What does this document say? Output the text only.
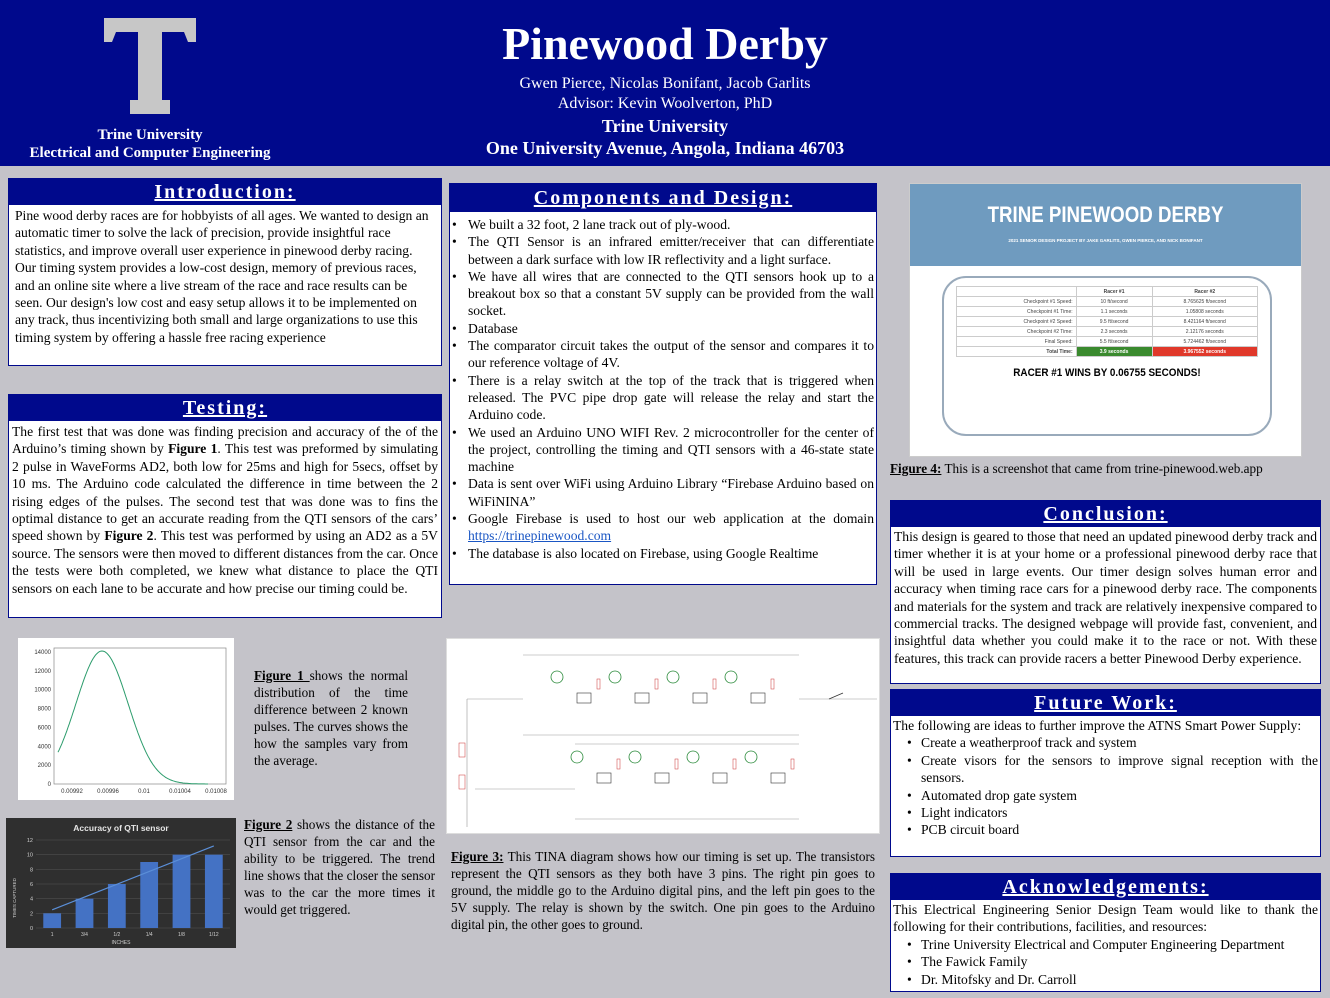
Trine University
Electrical and Computer Engineering
Pinewood Derby
Gwen Pierce, Nicolas Bonifant, Jacob Garlits
Advisor: Kevin Woolverton, PhD
Trine University
One University Avenue, Angola, Indiana 46703
Introduction:
Pine wood derby races are for hobbyists of all ages. We wanted to design an automatic timer to solve the lack of precision, provide insightful race statistics, and improve overall user experience in pinewood derby racing. Our timing system provides a low-cost design, memory of previous races, and an online site where a live stream of the race and race results can be seen. Our design's low cost and easy setup allows it to be implemented on any track, thus incentivizing both small and large organizations to use this timing system by offering a hassle free racing experience
Testing:
The first test that was done was finding precision and accuracy of the of the Arduino’s timing shown by Figure 1. This test was preformed by simulating 2 pulse in WaveForms AD2, both low for 25ms and high for 5secs, offset by 10 ms. The Arduino code calculated the difference in time between the 2 rising edges of the pulses. The second test that was done was to fins the optimal distance to get an accurate reading from the QTI sensors of the cars’ speed shown by Figure 2. This test was performed by using an AD2 as a 5V source. The sensors were then moved to different distances from the car. Once the tests were both completed, we knew what distance to place the QTI sensors on each lane to be accurate and how precise our timing could be.
0
2000
4000
6000
8000
10000
12000
14000
0.00992 0.00996	0.01	0.01004 0.01008
Figure 1 shows the normal distribution of the time difference between 2 known pulses. The curves shows the how the samples vary from the average.
Accuracy of QTI sensor
0
2
4
6
8
10
12
1	3/4	1/2	1/4	1/8	1/12
INCHES
TIMES CAPTURED
Figure 2 shows the distance of the QTI sensor from the car and the ability to be triggered. The trend line shows that the closer the sensor was to the car the more times it would get triggered.
Components and Design:
• We built a 32 foot, 2 lane track out of ply-wood.
• The QTI Sensor is an infrared emitter/receiver that can differentiate between a dark surface with low IR reflectivity and a light surface.
• We have all wires that are connected to the QTI sensors hook up to a breakout box so that a constant 5V supply can be provided from the wall socket.
• Database
• The comparator circuit takes the output of the sensor and compares it to our reference voltage of 4V.
• There is a relay switch at the top of the track that is triggered when released. The PVC pipe drop gate will release the relay and start the Arduino code.
• We used an Arduino UNO WIFI Rev. 2 microcontroller for the center of the project, controlling the timing and QTI sensors with a 46-state state machine
• Data is sent over WiFi using Arduino Library “Firebase Arduino based on WiFiNINA”
• Google Firebase is used to host our web application at the domain https://trinepinewood.com
• The database is also located on Firebase, using Google Realtime
Figure 3: This TINA diagram shows how our timing is set up. The transistors represent the QTI sensors as they both have 3 pins. The right pin goes to ground, the middle go to the Arduino digital pins, and the left pin goes to the 5V supply. The relay is shown by the switch. One pin goes to the Arduino digital pin, the other goes to ground.
TRINE PINEWOOD DERBY
2021 SENIOR DESIGN PROJECT BY JAKE GARLITS, GWEN PIERCE, AND NICK BONIFANT
	Racer #1	Racer #2
Checkpoint #1 Speed:	10 ft/second	8.765625 ft/second
Checkpoint #1 Time:	1.1 seconds	1.05808 seconds
Checkpoint #2 Speed:	9.5 ft/second	8.421164 ft/second
Checkpoint #2 Time:	2.3 seconds	2.12176 seconds
Final Speed:	5.5 ft/second	5.724462 ft/second
Total Time:	3.9 seconds	3.967552 seconds
RACER #1 WINS BY 0.06755 SECONDS!
Figure 4: This is a screenshot that came from trine-pinewood.web.app
Conclusion:
This design is geared to those that need an updated pinewood derby track and timer whether it is at your home or a professional pinewood derby race that will be used in large events. Our timer design solves human error and accuracy when timing race cars for a pinewood derby race. The components and materials for the system and track are relatively inexpensive compared to commercial tracks. The designed webpage will provide fast, convenient, and insightful data whether you could make it to the race or not. With these features, this track can provide racers a better Pinewood Derby experience.
Future Work:
The following are ideas to further improve the ATNS Smart Power Supply:
• Create a weatherproof track and system
• Create visors for the sensors to improve signal reception with the sensors.
• Automated drop gate system
• Light indicators
• PCB circuit board
Acknowledgements:
This Electrical Engineering Senior Design Team would like to thank the following for their contributions, facilities, and resources:
• Trine University Electrical and Computer Engineering Department
• The Fawick Family
• Dr. Mitofsky and Dr. Carroll
